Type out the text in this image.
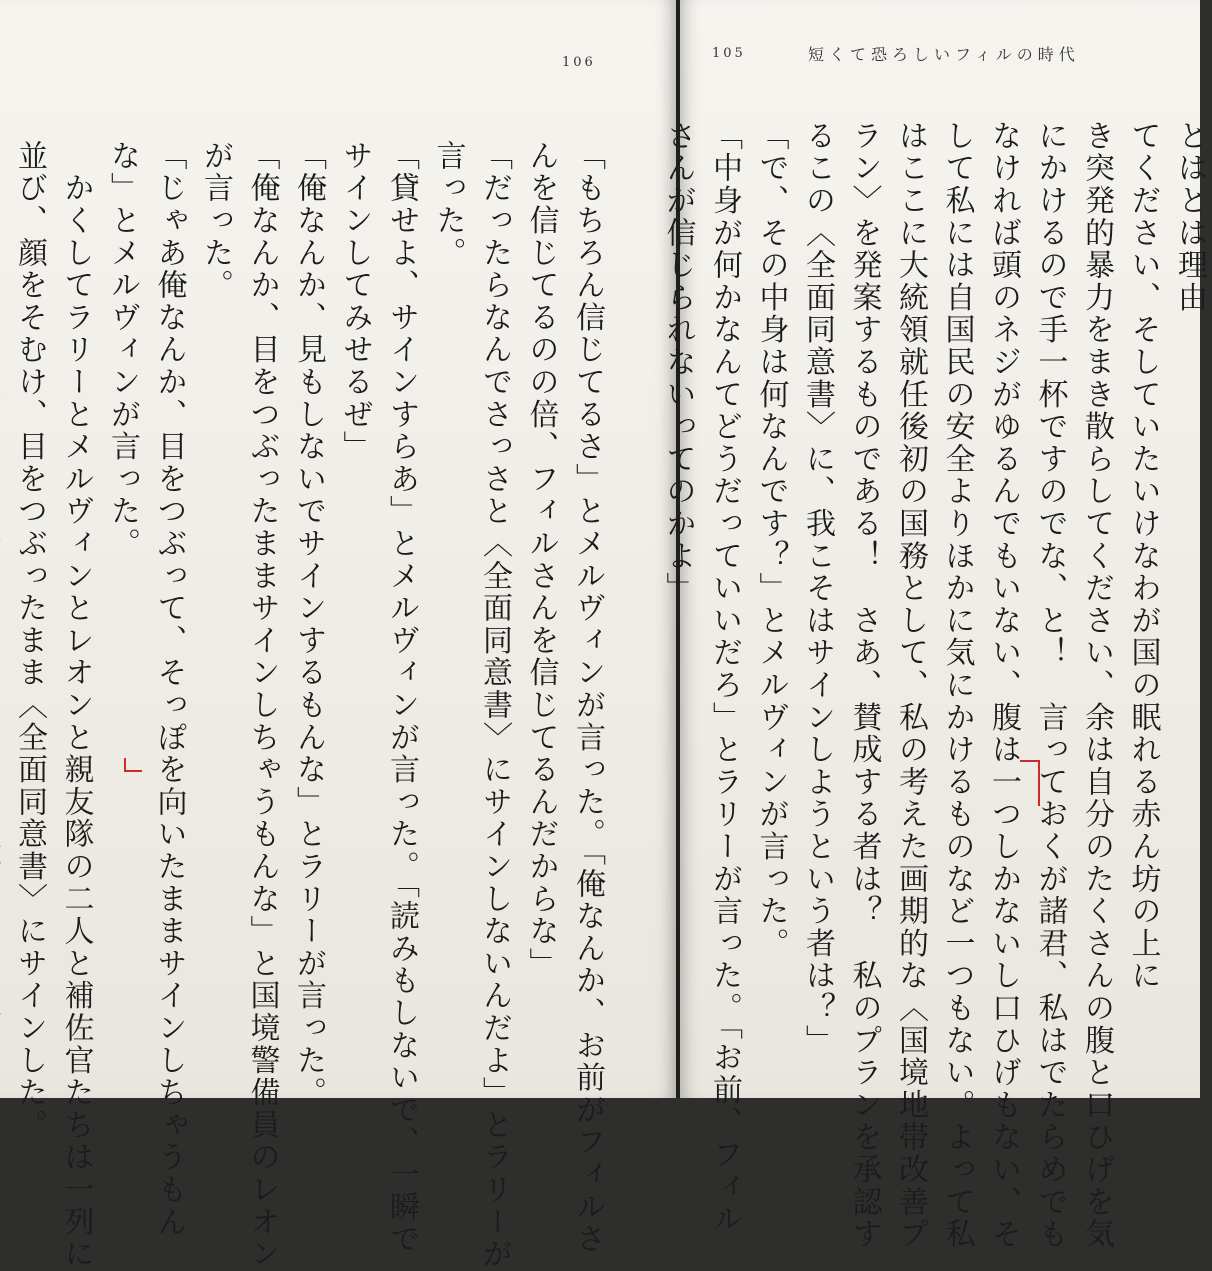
106
「もちろん信じてるさ」とメルヴィンが言った。「俺なんか、お前がフィルさ
んを信じてるのの倍、フィルさんを信じてるんだからな」
「だったらなんでさっさと〈全面同意書〉にサインしないんだよ」とラリーが
言った。
「貸せよ、サインすらあ」とメルヴィンが言った。「読みもしないで、一瞬で
サインしてみせるぜ」
「俺なんか、見もしないでサインするもんな」とラリーが言った。
「俺なんか、目をつぶったままサインしちゃうもんな」と国境警備員のレオン
が言った。
「じゃあ俺なんか、目をつぶって、そっぽを向いたままサインしちゃうもん
な」とメルヴィンが言った。
　かくしてラリーとメルヴィンとレオンと親友隊の二人と補佐官たちは一列に
並び、顔をそむけ、目をつぶったまま〈全面同意書〉にサインした。
105	短くて恐ろしいフィルの時代
とはとは理由
てください、そしていたいけなわが国の眠れる赤ん坊の上に
き突発的暴力をまき散らしてください、余は自分のたくさんの腹と口ひげを気
にかけるので手一杯ですのでな、と！　言っておくが諸君、私はでたらめでも
なければ頭のネジがゆるんでもいない、腹は一つしかないし口ひげもない、そ
して私には自国民の安全よりほかに気にかけるものなど一つもない。よって私
はここに大統領就任後初の国務として、私の考えた画期的な〈国境地帯改善プ
ラン〉を発案するものである！　さあ、賛成する者は？　私のプランを承認す
るこの〈全面同意書〉に、我こそはサインしようという者は？」
「で、その中身は何なんです？」とメルヴィンが言った。
「中身が何かなんてどうだっていいだろ」とラリーが言った。「お前、フィル
さんが信じられないってのかよ」
